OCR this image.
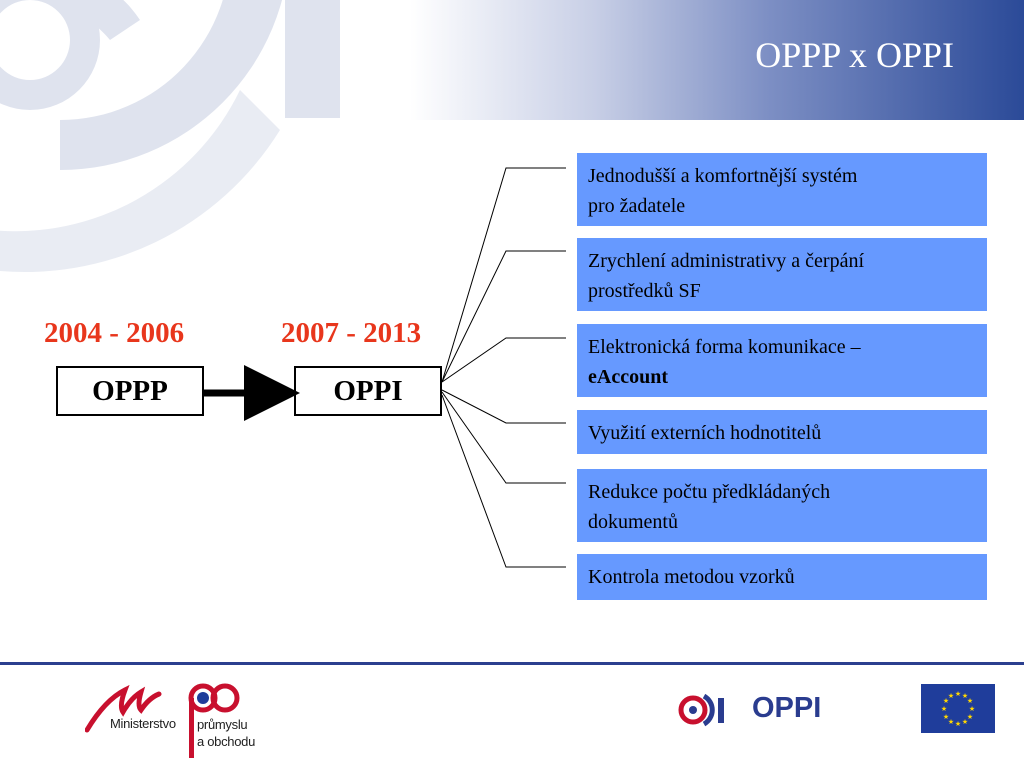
OPPP x OPPI
2004 - 2006	2007 - 2013
OPPP	OPPI
Jednodušší a komfortnější systém
pro žadatele
Zrychlení administrativy a čerpání
prostředků SF
Elektronická forma komunikace –
eAccount
Využití externích hodnotitelů
Redukce počtu předkládaných
dokumentů
Kontrola metodou vzorků
Ministerstvo průmyslu
a obchodu
OPPI	★ ★
★
★
★
★
★
★
★
★
★
★
